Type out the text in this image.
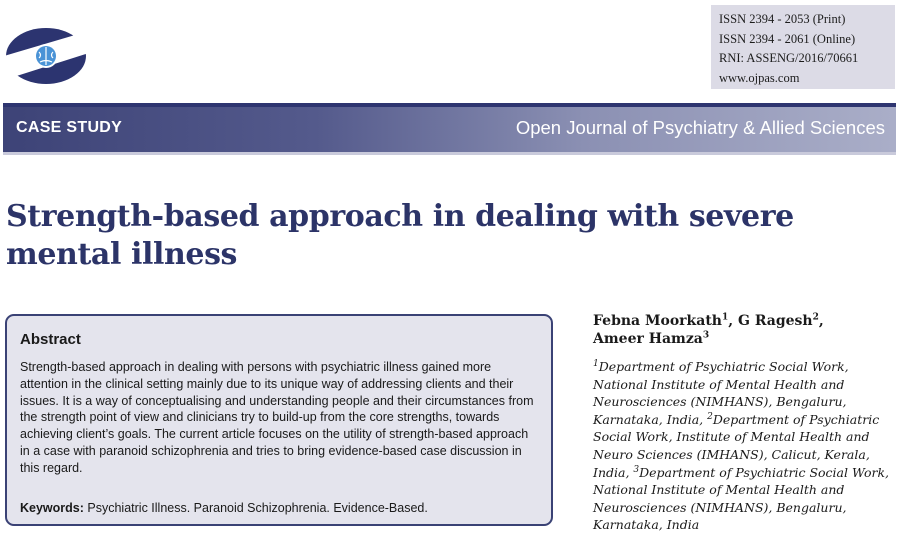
ISSN 2394 - 2053 (Print)
ISSN 2394 - 2061 (Online)
RNI: ASSENG/2016/70661
www.ojpas.com
CASE STUDY	Open Journal of Psychiatry & Allied Sciences
Strength-based approach in dealing with severe mental illness
Abstract
Strength-based approach in dealing with persons with psychiatric illness gained more attention in the clinical setting mainly due to its unique way of addressing clients and their issues. It is a way of conceptualising and understanding people and their circumstances from the strength point of view and clinicians try to build-up from the core strengths, towards achieving client’s goals. The current article focuses on the utility of strength-based approach in a case with paranoid schizophrenia and tries to bring evidence-based case discussion in this regard.
Keywords: Psychiatric Illness. Paranoid Schizophrenia. Evidence-Based.
Febna Moorkath$^1$, G Ragesh$^2$,
Ameer Hamza$^3$
$^1$Department of Psychiatric Social Work, National Institute of Mental Health and Neurosciences (NIMHANS), Bengaluru, Karnataka, India, $^2$Department of Psychiatric Social Work, Institute of Mental Health and Neuro Sciences (IMHANS), Calicut, Kerala, India, $^3$Department of Psychiatric Social Work, National Institute of Mental Health and Neurosciences (NIMHANS), Bengaluru, Karnataka, India
